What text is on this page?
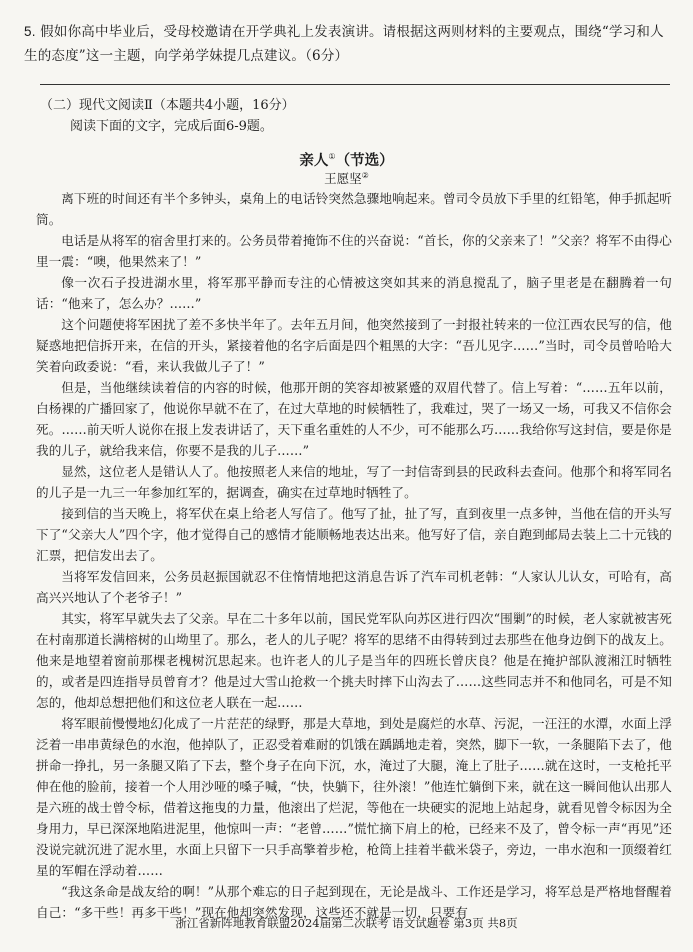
5. 假如你高中毕业后，受母校邀请在开学典礼上发表演讲。请根据这两则材料的主要观点，围绕“学习和人生的态度”这一主题，向学弟学妹提几点建议。（6分）
（二）现代文阅读Ⅱ（本题共4小题，16分）
阅读下面的文字，完成后面6-9题。
亲人①（节选）
王愿坚②

离下班的时间还有半个多钟头，桌角上的电话铃突然急骤地响起来。曾司令员放下手里的红铅笔，伸手抓起听筒。

电话是从将军的宿舍里打来的。公务员带着掩饰不住的兴奋说：“首长，你的父亲来了！”父亲？将军不由得心里一震：“噢，他果然来了！”

像一次石子投进湖水里，将军那平静而专注的心情被这突如其来的消息搅乱了，脑子里老是在翻腾着一句话：“他来了，怎么办？……”

这个问题使将军困扰了差不多快半年了。去年五月间，他突然接到了一封报社转来的一位江西农民写的信，他疑惑地把信拆开来，在信的开头，紧接着他的名字后面是四个粗黑的大字：“吾儿见字……”当时，司令员曾哈哈大笑着向政委说：“看，来认我做儿子了！”

但是，当他继续读着信的内容的时候，他那开朗的笑容却被紧蹙的双眉代替了。信上写着：“……五年以前，白杨裸的广播回家了，他说你早就不在了，在过大草地的时候牺牲了，我难过，哭了一场又一场，可我又不信你会死。……前天听人说你在报上发表讲话了，天下重名重姓的人不少，可不能那么巧……我给你写这封信，要是你是我的儿子，就给我来信，你要不是我的儿子……”

显然，这位老人是错认人了。他按照老人来信的地址，写了一封信寄到县的民政科去查问。他那个和将军同名的儿子是一九三一年参加红军的，据调查，确实在过草地时牺牲了。

接到信的当天晚上，将军伏在桌上给老人写信了。他写了扯，扯了写，直到夜里一点多钟，当他在信的开头写下了“父亲大人”四个字，他才觉得自己的感情才能顺畅地表达出来。他写好了信，亲自跑到邮局去装上二十元钱的汇票，把信发出去了。

当将军发信回来，公务员赵振国就忍不住惰情地把这消息告诉了汽车司机老韩：“人家认儿认女，可哈有，高高兴兴地认了个老爷子！”

其实，将军早就失去了父亲。早在二十多年以前，国民党军队向苏区进行四次“围剿”的时候，老人家就被害死在村南那道长满榕树的山坳里了。那么，老人的儿子呢？将军的思绪不由得转到过去那些在他身边倒下的战友上。他来是地望着窗前那棵老槐树沉思起来。也许老人的儿子是当年的四班长曾庆良？他是在掩护部队渡湘江时牺牲的，或者是四连指导员曾育才？他是过大雪山抢救一个挑夫时摔下山沟去了……这些同志并不和他同名，可是不知怎的，他却总想把他们和这位老人联在一起……

将军眼前慢慢地幻化成了一片茫茫的绿野，那是大草地，到处是腐烂的水草、污泥，一汪汪的水潭，水面上浮泛着一串串黄绿色的水泡，他掉队了，正忍受着难耐的饥饿在踽踽地走着，突然，脚下一软，一条腿陷下去了，他拼命一挣扎，另一条腿又陷了下去，整个身子在向下沉，水，淹过了大腿，淹上了肚子……就在这时，一支枪托平伸在他的脸前，接着一个人用沙哑的嗓子喊，“快，快躺下，往外滚！”他连忙躺倒下来，就在这一瞬间他认出那人是六班的战士曾令标，借着这拖曳的力量，他滚出了烂泥，等他在一块硬实的泥地上站起身，就看见曾令标因为全身用力，早已深深地陷进泥里，他惊叫一声：“老曾……”慌忙摘下肩上的枪，已经来不及了，曾令标一声“再见”还没说完就沉进了泥水里，水面上只留下一只手高擎着步枪，枪筒上挂着半截米袋子，旁边，一串水泡和一顶缀着红星的军帽在浮动着……

“我这条命是战友给的啊！”从那个难忘的日子起到现在，无论是战斗、工作还是学习，将军总是严格地督醒着自己：“多干些！再多干些！”现在他却突然发现，这些还不就是一切，只要有

浙江省新阵地教育联盟2024届第二次联考 语文试题卷 第3页 共8页
